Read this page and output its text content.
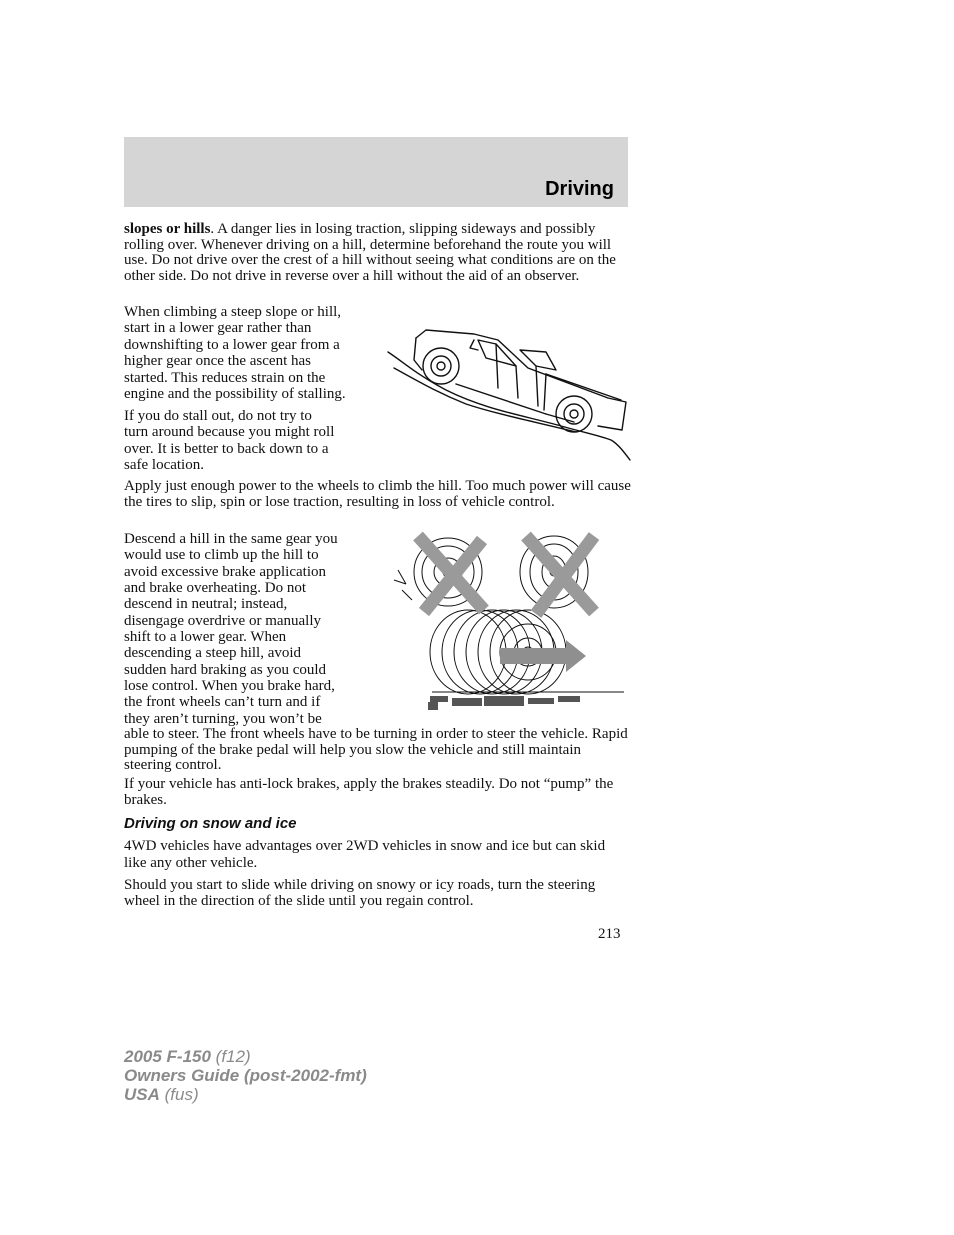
Driving

slopes or hills. A danger lies in losing traction, slipping sideways and possibly rolling over. Whenever driving on a hill, determine beforehand the route you will use. Do not drive over the crest of a hill without seeing what conditions are on the other side. Do not drive in reverse over a hill without the aid of an observer.

When climbing a steep slope or hill,
start in a lower gear rather than
downshifting to a lower gear from a
higher gear once the ascent has
started. This reduces strain on the
engine and the possibility of stalling.
If you do stall out, do not try to
turn around because you might roll
over. It is better to back down to a
safe location.

Apply just enough power to the wheels to climb the hill. Too much power will cause the tires to slip, spin or lose traction, resulting in loss of vehicle control.

Descend a hill in the same gear you
would use to climb up the hill to
avoid excessive brake application
and brake overheating. Do not
descend in neutral; instead,
disengage overdrive or manually
shift to a lower gear. When
descending a steep hill, avoid
sudden hard braking as you could
lose control. When you brake hard,
the front wheels can’t turn and if
they aren’t turning, you won’t be

able to steer. The front wheels have to be turning in order to steer the vehicle. Rapid pumping of the brake pedal will help you slow the vehicle and still maintain steering control.

If your vehicle has anti-lock brakes, apply the brakes steadily. Do not “pump” the brakes.

Driving on snow and ice

4WD vehicles have advantages over 2WD vehicles in snow and ice but can skid like any other vehicle.

Should you start to slide while driving on snowy or icy roads, turn the steering wheel in the direction of the slide until you regain control.

213
2005 F-150 (f12)
Owners Guide (post-2002-fmt)
USA (fus)
